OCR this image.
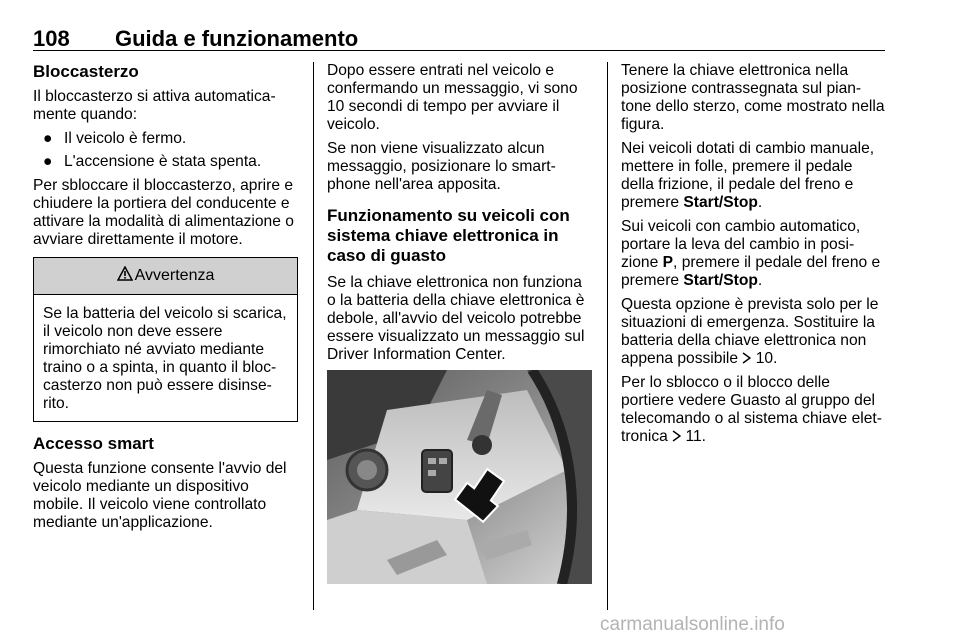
108 Guida e funzionamento
Bloccasterzo

Il bloccasterzo si attiva automatica-mente quando:

● Il veicolo è fermo.
● L'accensione è stata spenta.

Per sbloccare il bloccasterzo, aprire e chiudere la portiera del conducente e attivare la modalità di alimentazione o avviare direttamente il motore.

Avvertenza
Se la batteria del veicolo si scarica, il veicolo non deve essere rimorchiato né avviato mediante traino o a spinta, in quanto il bloc-casterzo non può essere disinse-rito.
Accesso smart

Questa funzione consente l'avvio del veicolo mediante un dispositivo mobile. Il veicolo viene controllato mediante un'applicazione.

Dopo essere entrati nel veicolo e confermando un messaggio, vi sono 10 secondi di tempo per avviare il veicolo.

Se non viene visualizzato alcun messaggio, posizionare lo smart-phone nell'area apposita.

Funzionamento su veicoli con sistema chiave elettronica in caso di guasto

Se la chiave elettronica non funziona o la batteria della chiave elettronica è debole, all'avvio del veicolo potrebbe essere visualizzato un messaggio sul Driver Information Center.

Tenere la chiave elettronica nella posizione contrassegnata sul pian-tone dello sterzo, come mostrato nella figura.

Nei veicoli dotati di cambio manuale, mettere in folle, premere il pedale della frizione, il pedale del freno e premere Start/Stop.

Sui veicoli con cambio automatico, portare la leva del cambio in posi-zione P, premere il pedale del freno e premere Start/Stop.

Questa opzione è prevista solo per le situazioni di emergenza. Sostituire la batteria della chiave elettronica non appena possibile  10.

Per lo sblocco o il blocco delle portiere vedere Guasto al gruppo del telecomando o al sistema chiave elet-tronica  11.

carmanualsonline.info
